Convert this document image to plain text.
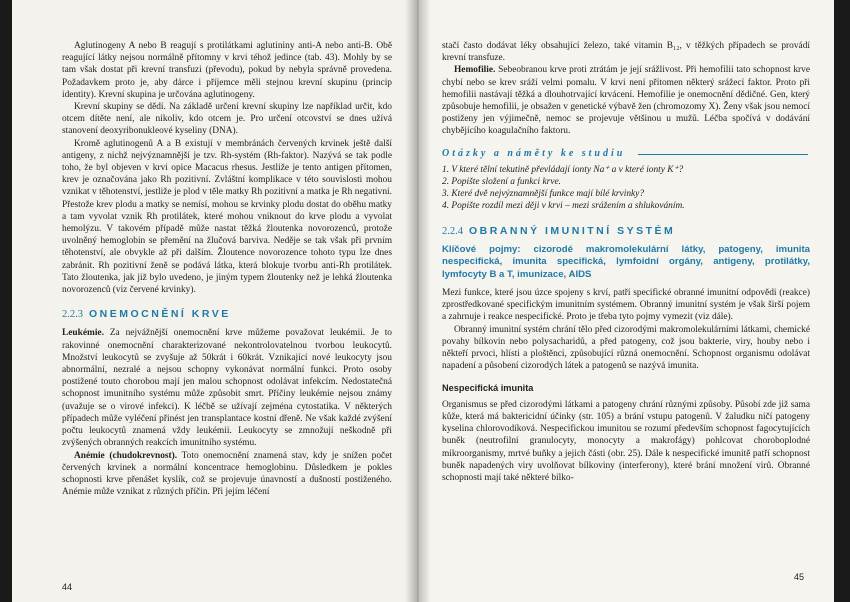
Aglutinogeny A nebo B reagují s protilátkami aglutininy anti-A nebo anti-B. Obě reagující látky nejsou normálně přítomny v krvi téhož jedince (tab. 43). Mohly by se tam však dostat při krevní transfuzi (převodu), pokud by nebyla správně provedena. Požadavkem proto je, aby dárce i příjemce měli stejnou krevní skupinu (princip identity). Krevní skupina je určována aglutinogeny.

Krevní skupiny se dědí. Na základě určení krevní skupiny lze například určit, kdo otcem dítěte není, ale nikoliv, kdo otcem je. Pro určení otcovství se dnes užívá stanovení deoxyribonukleové kyseliny (DNA).

Kromě aglutinogenů A a B existují v membránách červených krvinek ještě další antigeny, z nichž nejvýznamnější je tzv. Rh-systém (Rh-faktor). Nazývá se tak podle toho, že byl objeven v krvi opice Macacus rhesus. Jestliže je tento antigen přítomen, krev je označována jako Rh pozitivní. Zvláštní komplikace v této souvislosti mohou vznikat v těhotenství, jestliže je plod v těle matky Rh pozitivní a matka je Rh negativní. Přestože krev plodu a matky se nemísí, mohou se krvinky plodu dostat do oběhu matky a tam vyvolat vznik Rh protilátek, které mohou vniknout do krve plodu a vyvolat hemolýzu. V takovém případě může nastat těžká žloutenka novorozenců, protože uvolněný hemoglobin se přemění na žlučová barviva. Neděje se tak však při prvním těhotenství, ale obvykle až při dalším. Žloutence novorozence tohoto typu lze dnes zabránit. Rh pozitivní ženě se podává látka, která blokuje tvorbu anti-Rh protilátek. Tato žloutenka, jak již bylo uvedeno, je jiným typem žloutenky než je lehká žloutenka novorozenců (viz červené krvinky).

2.2.3 ONEMOCNĚNÍ KRVE

Leukémie. Za nejvážnější onemocnění krve můžeme považovat leukémii. Je to rakovinné onemocnění charakterizované nekontrolovatelnou tvorbou leukocytů. Množství leukocytů se zvyšuje až 50krát i 60krát. Vznikající nové leukocyty jsou abnormální, nezralé a nejsou schopny vykonávat normální funkci. Proto osoby postižené touto chorobou mají jen malou schopnost odolávat infekcím. Nedostatečná schopnost imunitního systému může způsobit smrt. Příčiny leukémie nejsou známy (uvažuje se o virové infekci). K léčbě se užívají zejména cytostatika. V některých případech může vyléčení přinést jen transplantace kostní dřeně. Ne však každé zvýšení počtu leukocytů znamená vždy leukémii. Leukocyty se zmnožují neškodně při zvýšených obranných reakcích imunitního systému.

Anémie (chudokrevnost). Toto onemocnění znamená stav, kdy je snížen počet červených krvinek a normální koncentrace hemoglobinu. Důsledkem je pokles schopnosti krve přenášet kyslík, což se projevuje únavností a dušností postiženého. Anémie může vznikat z různých příčin. Při jejím léčení

44

stačí často dodávat léky obsahující železo, také vitamin B₁₂, v těžkých případech se provádí krevní transfuze.

Hemofilie. Sebeobranou krve proti ztrátám je její srážlivost. Při hemofilii tato schopnost krve chybí nebo se krev sráží velmi pomalu. V krvi není přítomen některý srážecí faktor. Proto při hemofilii nastávají těžká a dlouhotrvající krvácení. Hemofilie je onemocnění dědičné. Gen, který způsobuje hemofilii, je obsažen v genetické výbavě žen (chromozomy X). Ženy však jsou nemocí postiženy jen výjimečně, nemoc se projevuje většinou u mužů. Léčba spočívá v dodávání chybějícího koagulačního faktoru.

Otázky a náměty ke studiu
1. V které tělní tekutině převládají ionty Na⁺ a v které ionty K⁺?
2. Popište složení a funkci krve.
3. Které dvě nejvýznamnější funkce mají bílé krvinky?
4. Popište rozdíl mezi ději v krvi – mezi srážením a shlukováním.
2.2.4 OBRANNÝ IMUNITNÍ SYSTÉM
Klíčové pojmy: cizorodé makromolekulární látky, patogeny, imunita nespecifická, imunita specifická, lymfoidní orgány, antigeny, protilátky, lymfocyty B a T, imunizace, AIDS

Mezi funkce, které jsou úzce spojeny s krví, patří specifické obranné imunitní odpovědi (reakce) zprostředkované specifickým imunitním systémem. Obranný imunitní systém je však širší pojem a zahrnuje i reakce nespecifické. Proto je třeba tyto pojmy vymezit (viz dále).

Obranný imunitní systém chrání tělo před cizorodými makromolekulárními látkami, chemické povahy bílkovin nebo polysacharidů, a před patogeny, což jsou bakterie, viry, houby nebo i někteří prvoci, hlísti a ploštěnci, způsobující různá onemocnění. Schopnost organismu odolávat napadení a působení cizorodých látek a patogenů se nazývá imunita.

Nespecifická imunita

Organismus se před cizorodými látkami a patogeny chrání různými způsoby. Působí zde již sama kůže, která má baktericidní účinky (str. 105) a brání vstupu patogenů. V žaludku ničí patogeny kyselina chlorovodíková. Nespecifickou imunitou se rozumí především schopnost fagocytujících buněk (neutrofilní granulocyty, monocyty a makrofágy) pohlcovat choroboplodné mikroorganismy, mrtvé buňky a jejich části (obr. 25). Dále k nespecifické imunitě patří schopnost buněk napadených viry uvolňovat bílkoviny (interferony), které brání množení virů. Obranné schopnosti mají také některé bílko-

45
